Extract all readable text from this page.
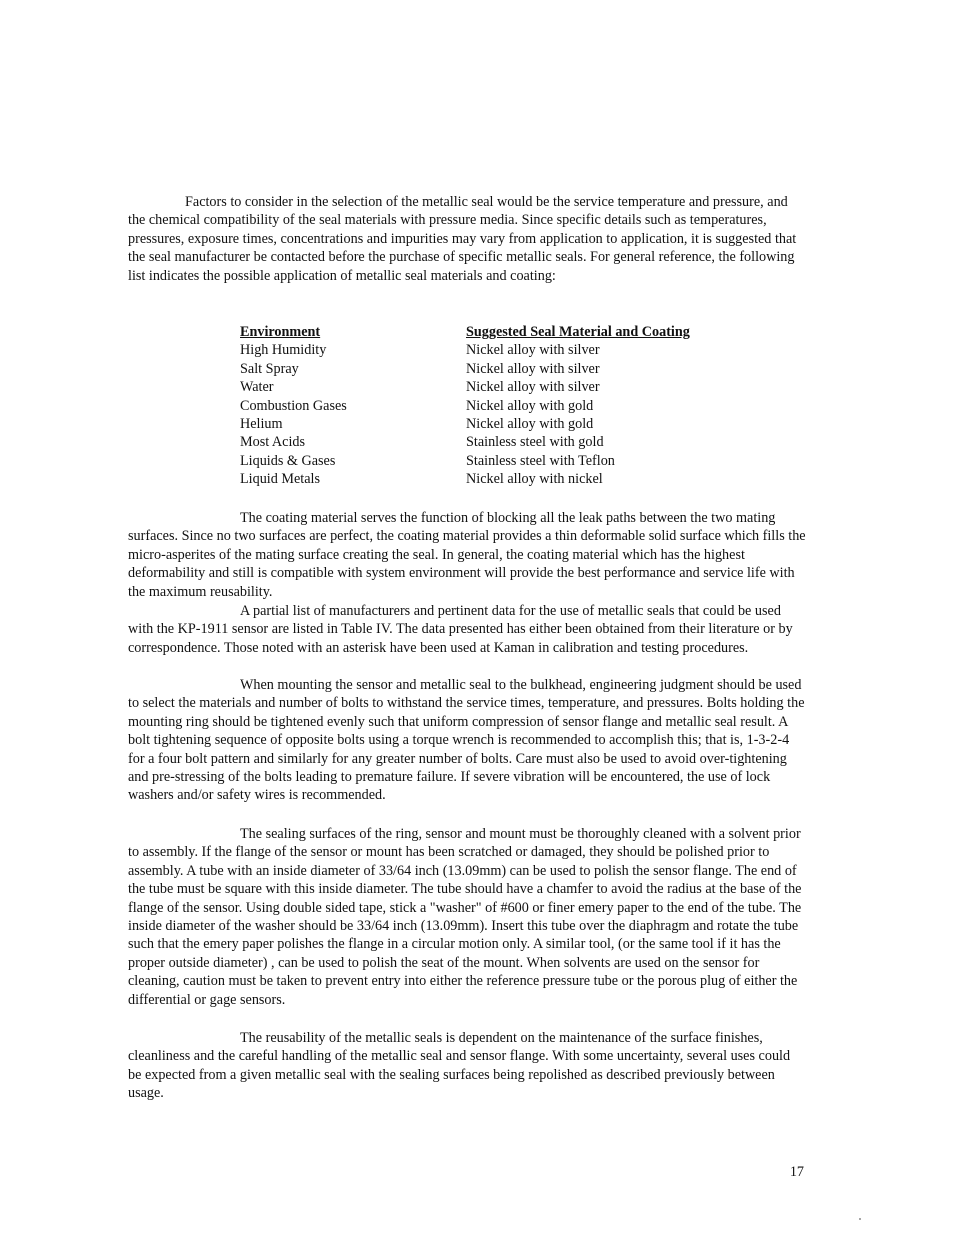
Factors to consider in the selection of the metallic seal would be the service temperature and pressure, and the chemical compatibility of the seal materials with pressure media. Since specific details such as temperatures, pressures, exposure times, concentrations and impurities may vary from application to application, it is suggested that the seal manufacturer be contacted before the purchase of specific metallic seals. For general reference, the following list indicates the possible application of metallic seal materials and coating:

Environment	Suggested Seal Material and Coating
High Humidity	Nickel alloy with silver
Salt Spray	Nickel alloy with silver
Water	Nickel alloy with silver
Combustion Gases	Nickel alloy with gold
Helium	Nickel alloy with gold
Most Acids	Stainless steel with gold
Liquids & Gases	Stainless steel with Teflon
Liquid Metals	Nickel alloy with nickel

The coating material serves the function of blocking all the leak paths between the two mating surfaces. Since no two surfaces are perfect, the coating material provides a thin deformable solid surface which fills the micro-asperites of the mating surface creating the seal. In general, the coating material which has the highest deformability and still is compatible with system environment will provide the best performance and service life with the maximum reusability.

A partial list of manufacturers and pertinent data for the use of metallic seals that could be used with the KP-1911 sensor are listed in Table IV. The data presented has either been obtained from their literature or by correspondence. Those noted with an asterisk have been used at Kaman in calibration and testing procedures.

When mounting the sensor and metallic seal to the bulkhead, engineering judgment should be used to select the materials and number of bolts to withstand the service times, temperature, and pressures. Bolts holding the mounting ring should be tightened evenly such that uniform compression of sensor flange and metallic seal result. A bolt tightening sequence of opposite bolts using a torque wrench is recommended to accomplish this; that is, 1-3-2-4 for a four bolt pattern and similarly for any greater number of bolts. Care must also be used to avoid over-tightening and pre-stressing of the bolts leading to premature failure. If severe vibration will be encountered, the use of lock washers and/or safety wires is recommended.

The sealing surfaces of the ring, sensor and mount must be thoroughly cleaned with a solvent prior to assembly. If the flange of the sensor or mount has been scratched or damaged, they should be polished prior to assembly. A tube with an inside diameter of 33/64 inch (13.09mm) can be used to polish the sensor flange. The end of the tube must be square with this inside diameter. The tube should have a chamfer to avoid the radius at the base of the flange of the sensor. Using double sided tape, stick a "washer" of #600 or finer emery paper to the end of the tube. The inside diameter of the washer should be 33/64 inch (13.09mm). Insert this tube over the diaphragm and rotate the tube such that the emery paper polishes the flange in a circular motion only. A similar tool, (or the same tool if it has the proper outside diameter) , can be used to polish the seat of the mount. When solvents are used on the sensor for cleaning, caution must be taken to prevent entry into either the reference pressure tube or the porous plug of either the differential or gage sensors.

The reusability of the metallic seals is dependent on the maintenance of the surface finishes, cleanliness and the careful handling of the metallic seal and sensor flange. With some uncertainty, several uses could be expected from a given metallic seal with the sealing surfaces being repolished as described previously between usage.

17
